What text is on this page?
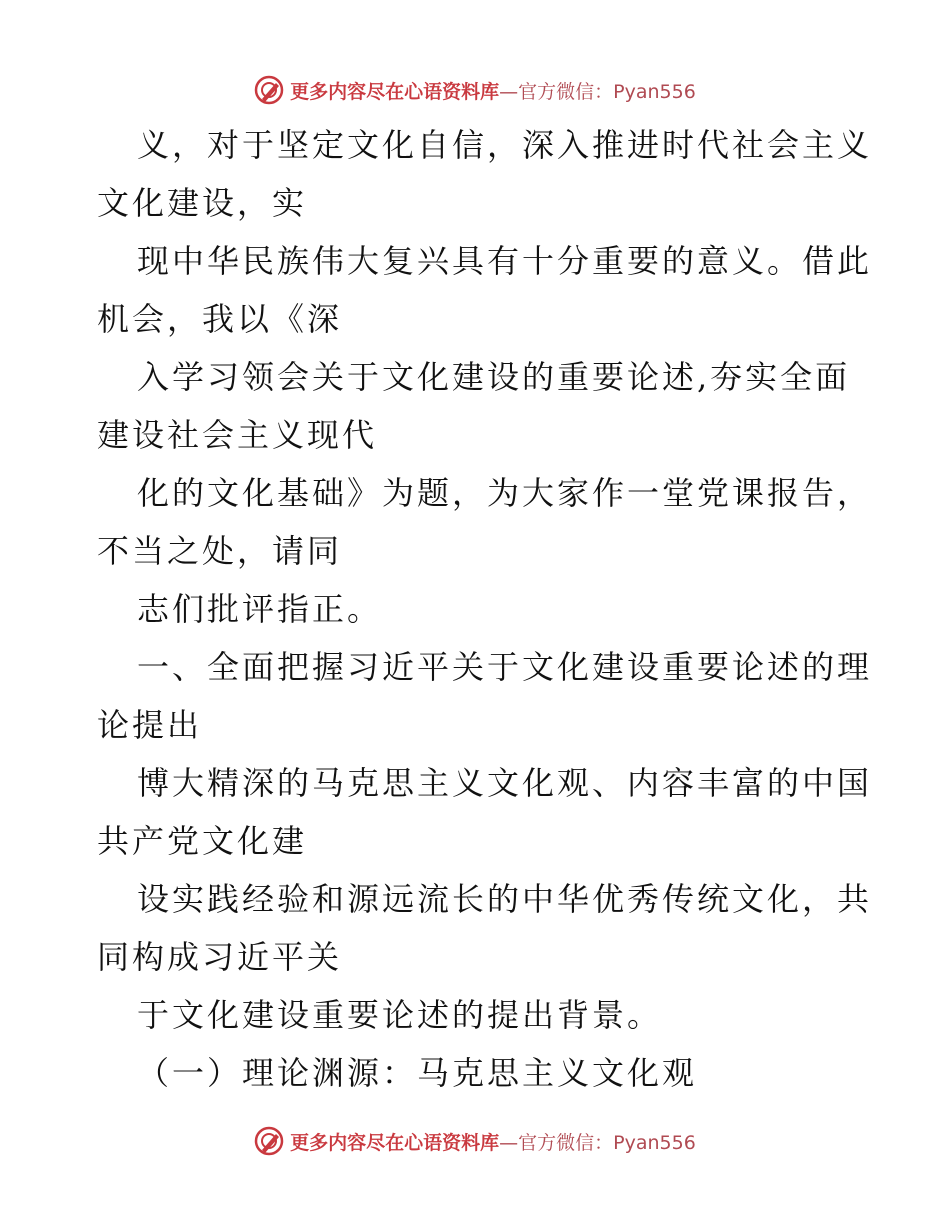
更多内容尽在心语资料库 —官方微信：Pyan556
义，对于坚定文化自信，深入推进时代社会主义
文化建设，实
现中华民族伟大复兴具有十分重要的意义。借此
机会，我以《深
入学习领会关于文化建设的重要论述,夯实全面
建设社会主义现代
化的文化基础》为题，为大家作一堂党课报告，
不当之处，请同
志们批评指正。
一、全面把握习近平关于文化建设重要论述的理
论提出
博大精深的马克思主义文化观、内容丰富的中国
共产党文化建
设实践经验和源远流长的中华优秀传统文化，共
同构成习近平关
于文化建设重要论述的提出背景。
（一）理论渊源：马克思主义文化观
更多内容尽在心语资料库 —官方微信：Pyan556
